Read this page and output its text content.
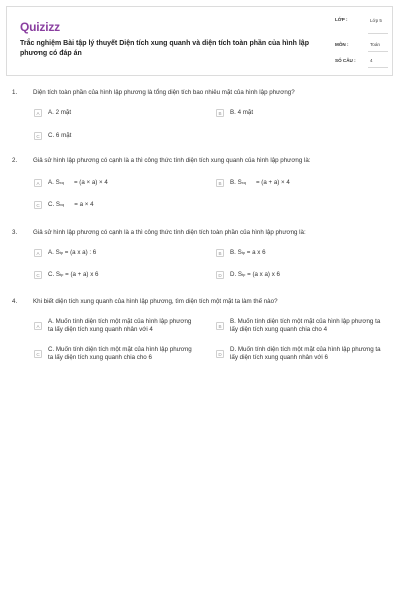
Quizizz
Trắc nghiệm Bài tập lý thuyết Diện tích xung quanh và diện tích toàn phần của hình lập phương có đáp án
LỚP :	Lớp 5
MÔN :	Toán
SỐ CÂU :	4
1.	Diện tích toàn phần của hình lập phương là tổng diện tích bao nhiêu mặt của hình lập phương?
A	A. 2 mặt	B	B. 4 mặt
C	C. 6 mặt
2.	Giả sử hình lập phương có cạnh là a thì công thức tính diện tích xung quanh của hình lập phương là:
A	A. Sxq = (a × a) × 4	B	B. Sxq = (a + a) × 4
C	C. Sxq = a × 4
3.	Giả sử hình lập phương có cạnh là a thì công thức tính diện tích toàn phần của hình lập phương là:
A	A. Stp = (a x a) : 6	B	B. Stp = a x 6
C	C. Stp = (a + a) x 6	D	D. Stp = (a x a) x 6
4.	Khi biết diện tích xung quanh của hình lập phương, tìm diện tích một mặt ta làm thế nào?
A
A. Muốn tính diện tích một mặt của hình lập phương ta lấy diện tích xung quanh nhân với 4	B
B. Muốn tính diện tích một mặt của hình lập phương ta lấy diện tích xung quanh chia cho 4
C
C. Muốn tính diện tích một mặt của hình lập phương ta lấy diện tích xung quanh chia cho 6	D
D. Muốn tính diện tích một mặt của hình lập phương ta lấy diện tích xung quanh nhân với 6
